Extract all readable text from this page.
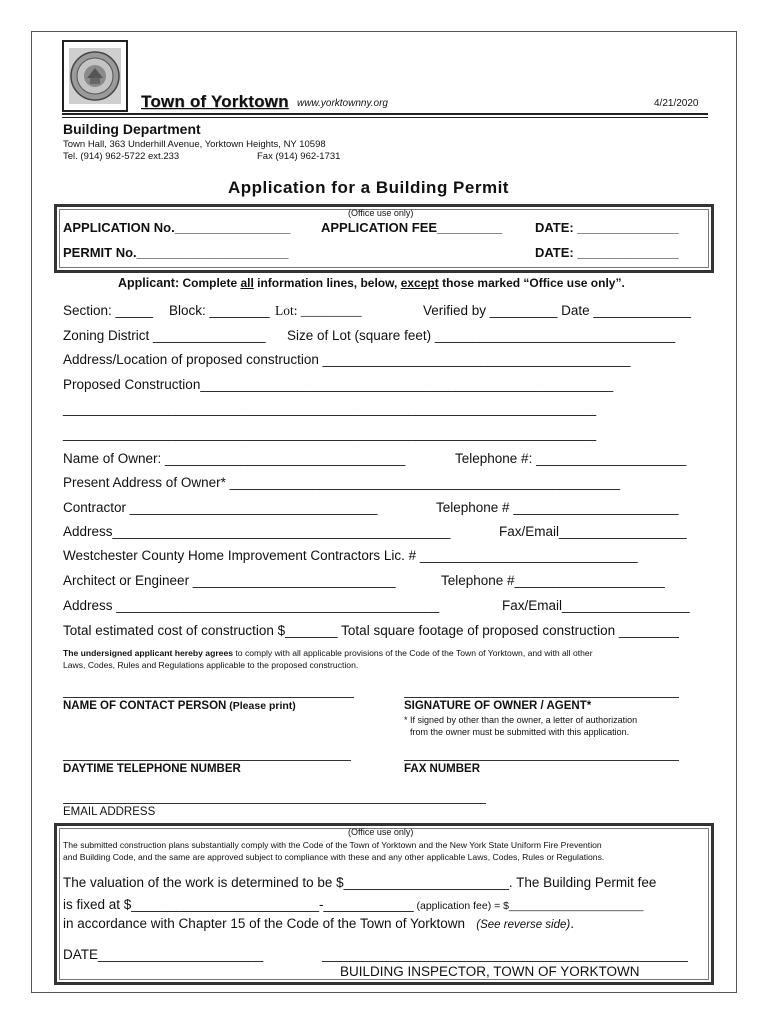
Town of Yorktown www.yorktownny.org	4/21/2020
Building Department
Town Hall, 363 Underhill Avenue, Yorktown Heights, NY 10598
Tel. (914) 962-5722 ext.233	Fax (914) 962-1731
Application for a Building Permit
(Office use only)
APPLICATION No.________________ APPLICATION FEE_________	DATE: ______________
PERMIT No._____________________	DATE: ______________
Applicant: Complete all information lines, below, except those marked “Office use only”.
Section: _____ Block: ________ Lot: _________	Verified by _________ Date _____________
Zoning District _______________ Size of Lot (square feet) ________________________________
Address/Location of proposed construction _________________________________________
Proposed Construction_______________________________________________________
_______________________________________________________________________
_______________________________________________________________________
Name of Owner: ________________________________	Telephone #: ____________________
Present Address of Owner* ____________________________________________________
Contractor _________________________________	Telephone # ______________________
Address_____________________________________________	Fax/Email_________________
Westchester County Home Improvement Contractors Lic. # _____________________________
Architect or Engineer ___________________________	Telephone #____________________
Address ___________________________________________	Fax/Email_________________
Total estimated cost of construction $_______ Total square footage of proposed construction ________
The undersigned applicant hereby agrees to comply with all applicable provisions of the Code of the Town of Yorktown, and with all other
Laws, Codes, Rules and Regulations applicable to the proposed construction.
NAME OF CONTACT PERSON (Please print)	SIGNATURE OF OWNER / AGENT*
* If signed by other than the owner, a letter of authorization
from the owner must be submitted with this application.
DAYTIME TELEPHONE NUMBER	FAX NUMBER
EMAIL ADDRESS
(Office use only)
The submitted construction plans substantially comply with the Code of the Town of Yorktown and the New York State Uniform Fire Prevention
and Building Code, and the same are approved subject to compliance with these and any other applicable Laws, Codes, Rules or Regulations.
The valuation of the work is determined to be $______________________. The Building Permit fee
is fixed at $_________________________-____________ (application fee) = $_______________________
in accordance with Chapter 15 of the Code of the Town of Yorktown (See reverse side).
DATE______________________
BUILDING INSPECTOR, TOWN OF YORKTOWN
